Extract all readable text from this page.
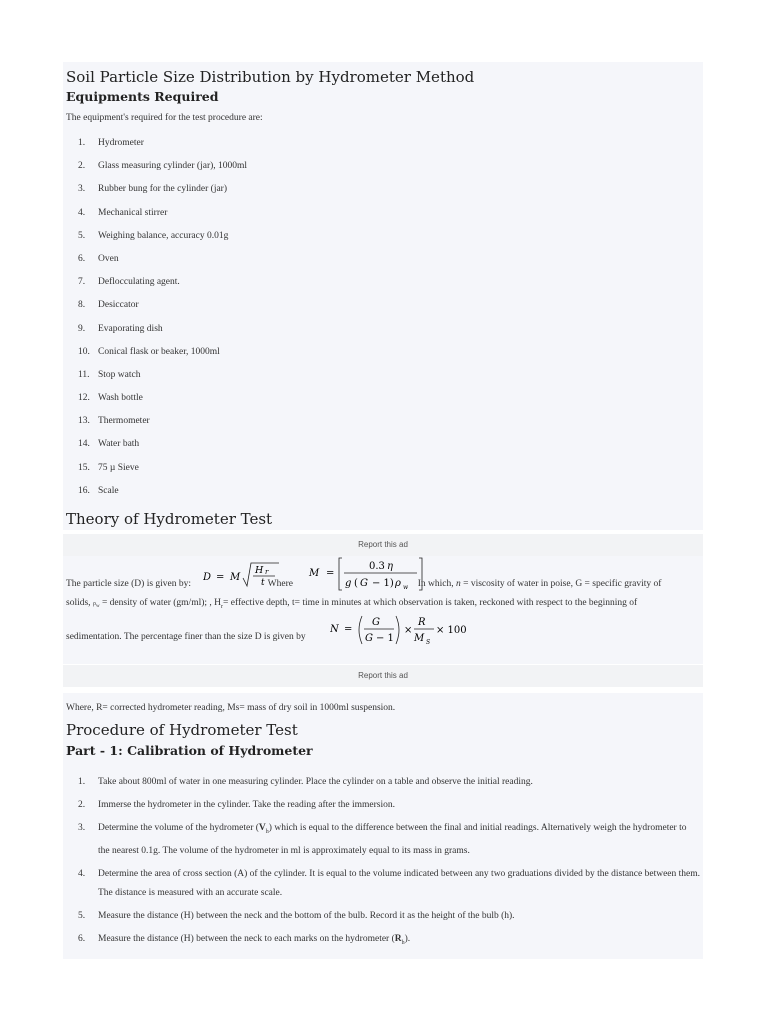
Soil Particle Size Distribution by Hydrometer Method
Equipments Required

The equipment's required for the test procedure are:

Hydrometer
Glass measuring cylinder (jar), 1000ml
Rubber bung for the cylinder (jar)
Mechanical stirrer
Weighing balance, accuracy 0.01g
Oven
Deflocculating agent.
Desiccator
Evaporating dish
Conical flask or beaker, 1000ml
Stop watch
Wash bottle
Thermometer
Water bath
75 µ Sieve
Scale
Theory of Hydrometer Test
Report this ad
D = M
H r
t
M =
0.3 η
g ( G − 1) ρ w
N =
G
G − 1
×
R
M S
× 100
The particle size (D) is given by:	Where	In which, n = viscosity of water in poise, G = specific gravity of
solids, $\rho_w$ = density of water (gm/ml); , $H_r=$ effective depth, t= time in minutes at which observation is taken, reckoned with respect to the beginning of
sedimentation. The percentage finer than the size D is given by
Report this ad

Where, R= corrected hydrometer reading, Ms= mass of dry soil in 1000ml suspension.

Procedure of Hydrometer Test
Part - 1: Calibration of Hydrometer
Take about 800ml of water in one measuring cylinder. Place the cylinder on a table and observe the initial reading.
Immerse the hydrometer in the cylinder. Take the reading after the immersion.
Determine the volume of the hydrometer $(V_h)$ which is equal to the difference between the final and initial readings. Alternatively weigh the hydrometer to the nearest 0.1g. The volume of the hydrometer in ml is approximately equal to its mass in grams.
Determine the area of cross section (A) of the cylinder. It is equal to the volume indicated between any two graduations divided by the distance between them. The distance is measured with an accurate scale.
Measure the distance (H) between the neck and the bottom of the bulb. Record it as the height of the bulb (h).
Measure the distance (H) between the neck to each marks on the hydrometer $(R_h)$.
